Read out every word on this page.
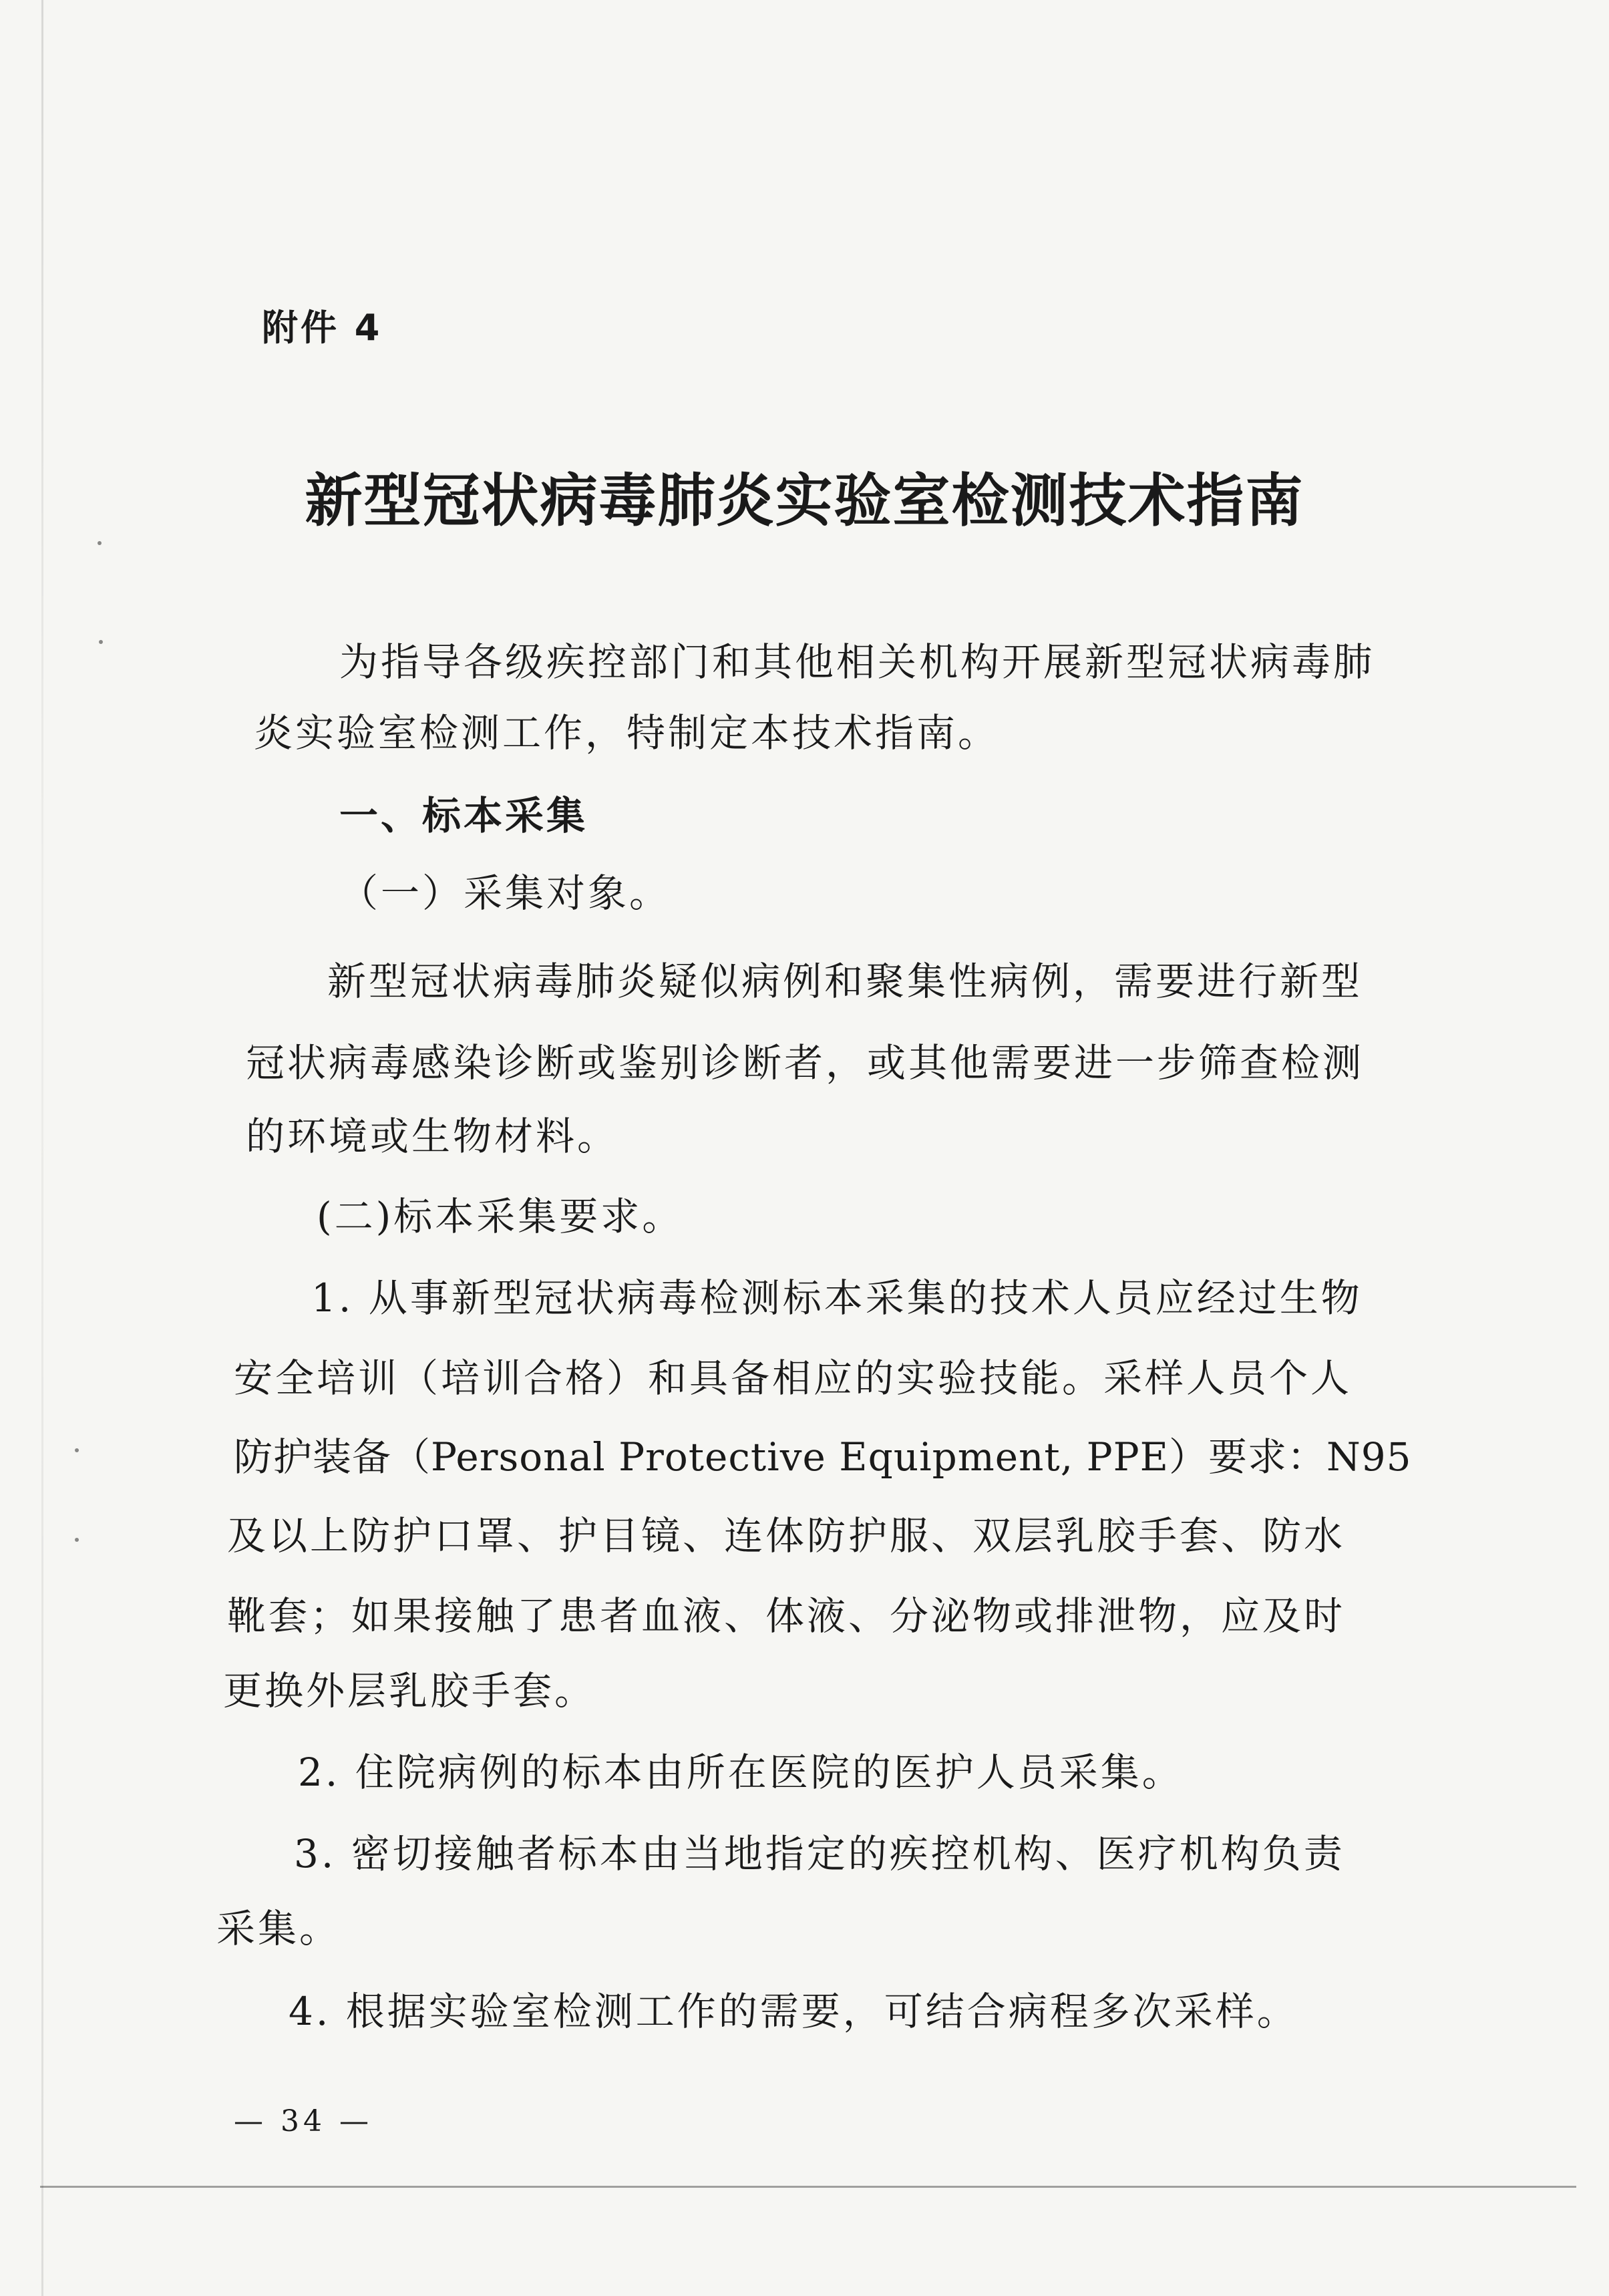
附件 4
新型冠状病毒肺炎实验室检测技术指南
为指导各级疾控部门和其他相关机构开展新型冠状病毒肺
炎实验室检测工作，特制定本技术指南。
一、标本采集
（一）采集对象。
新型冠状病毒肺炎疑似病例和聚集性病例，需要进行新型
冠状病毒感染诊断或鉴别诊断者，或其他需要进一步筛查检测
的环境或生物材料。
(二)标本采集要求。
1. 从事新型冠状病毒检测标本采集的技术人员应经过生物
安全培训（培训合格）和具备相应的实验技能。采样人员个人
防护装备（Personal Protective Equipment, PPE）要求：N95
及以上防护口罩、护目镜、连体防护服、双层乳胶手套、防水
靴套；如果接触了患者血液、体液、分泌物或排泄物，应及时
更换外层乳胶手套。
2. 住院病例的标本由所在医院的医护人员采集。
3. 密切接触者标本由当地指定的疾控机构、医疗机构负责
采集。
4. 根据实验室检测工作的需要，可结合病程多次采样。
— 34 —
